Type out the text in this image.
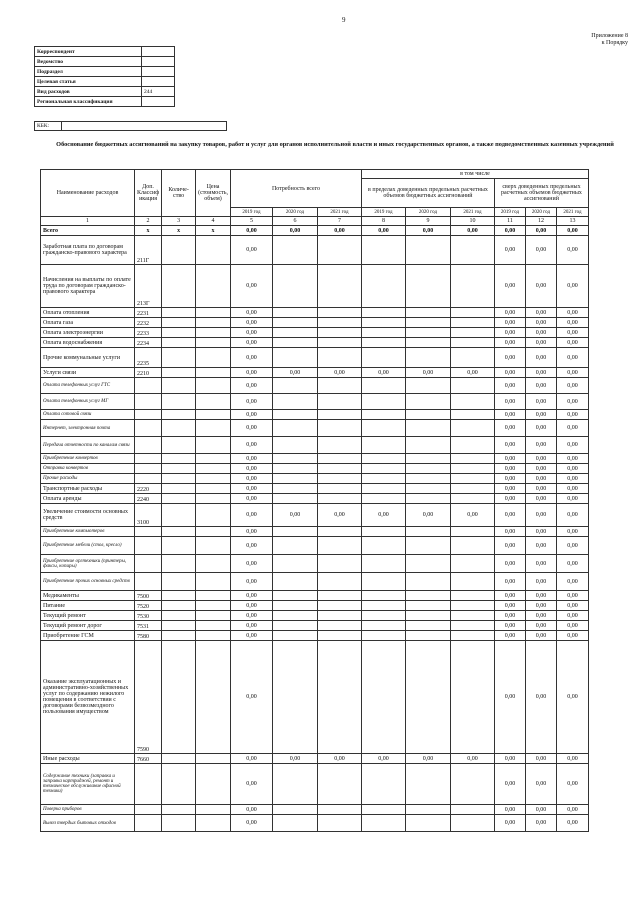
9
Приложение 8
к Порядку
Корреспондент	
Ведомство	
Подраздел	
Целевая статья	
Вид расходов	244
Региональная классификация	
КБК:	
Обоснование бюджетных ассигнований на закупку товаров, работ и услуг для органов исполнительной власти и иных государственных органов, а также подведомственных казенных учреждений
Наименование расходов	Доп. Классиф икация	Количе-ство	Цена (стоимость, объем)	Потребность всего			в том числе					
							в пределах доведенных предельных расчетных объемов бюджетных ассигнований			сверх доведенных предельных расчетных объемов бюджетных ассигнований		
				2019 год	2020 год	2021 год	2019 год	2020 год	2021 год	2019 год	2020 год	2021 год
1	2	3	4	5	6	7	8	9	10	11	12	13
Всего	х	х	х	0,00	0,00	0,00	0,00	0,00	0,00	0,00	0,00	0,00
Заработная плата по договорам гражданско-правового характера	211Г			0,00						0,00	0,00	0,00
Начисления на выплаты по оплате труда по договорам гражданско-правового характера	213Г			0,00						0,00	0,00	0,00
Оплата отопления	2231			0,00						0,00	0,00	0,00
Оплата газа	2232			0,00						0,00	0,00	0,00
Оплата электроэнергии	2233			0,00						0,00	0,00	0,00
Оплата водоснабжения	2234			0,00						0,00	0,00	0,00
Прочие коммунальные услуги	2235			0,00						0,00	0,00	0,00
Услуги связи	2210			0,00	0,00	0,00	0,00	0,00	0,00	0,00	0,00	0,00
Оплата телефонных услуг ГТС				0,00						0,00	0,00	0,00
Оплата телефонных услуг МГ				0,00						0,00	0,00	0,00
Оплата сотовой связи				0,00						0,00	0,00	0,00
Интернет, электронная почта				0,00						0,00	0,00	0,00
Передача отчетности по каналам связи				0,00						0,00	0,00	0,00
Приобретение конвертов				0,00						0,00	0,00	0,00
Отправка конвертов				0,00						0,00	0,00	0,00
Прочие расходы				0,00						0,00	0,00	0,00
Транспортные расходы	2220			0,00						0,00	0,00	0,00
Оплата аренды	2240			0,00						0,00	0,00	0,00
Увеличение стоимости основных средств	3100			0,00	0,00	0,00	0,00	0,00	0,00	0,00	0,00	0,00
Приобретение компьютеров				0,00						0,00	0,00	0,00
Приобретение мебели (стол, кресло)				0,00						0,00	0,00	0,00
Приобретение оргтехники (принтеры, факсы, копиры)				0,00						0,00	0,00	0,00
Приобретение прочих основных средств				0,00						0,00	0,00	0,00
Медикаменты	7500			0,00						0,00	0,00	0,00
Питание	7520			0,00						0,00	0,00	0,00
Текущий ремонт	7530			0,00						0,00	0,00	0,00
Текущий ремонт дорог	7531			0,00						0,00	0,00	0,00
Приобретение ГСМ	7580			0,00						0,00	0,00	0,00
Оказание эксплуатационных и административно-хозяйственных услуг по содержанию нежилого помещения в соответствии с договорами безвозмездного пользования имуществом	7590			0,00						0,00	0,00	0,00
Иные расходы	7660			0,00	0,00	0,00	0,00	0,00	0,00	0,00	0,00	0,00
Содержание техники (заправка и заправка картриджей, ремонт и техническое обслуживание офисной техники)				0,00						0,00	0,00	0,00
Поверка приборов				0,00						0,00	0,00	0,00
Вывоз твердых бытовых отходов				0,00						0,00	0,00	0,00
